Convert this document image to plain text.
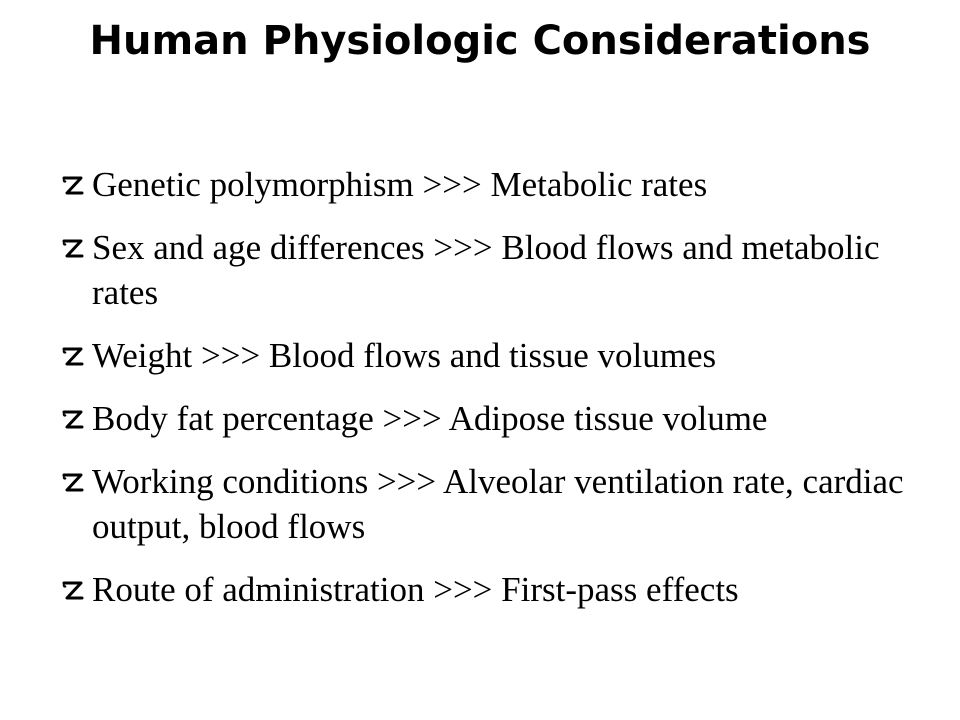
Human Physiologic Considerations
Genetic polymorphism >>> Metabolic rates
Sex and age differences >>> Blood flows and metabolic rates
Weight >>> Blood flows and tissue volumes
Body fat percentage >>> Adipose tissue volume
Working conditions >>> Alveolar ventilation rate, cardiac output, blood flows
Route of administration >>> First-pass effects
